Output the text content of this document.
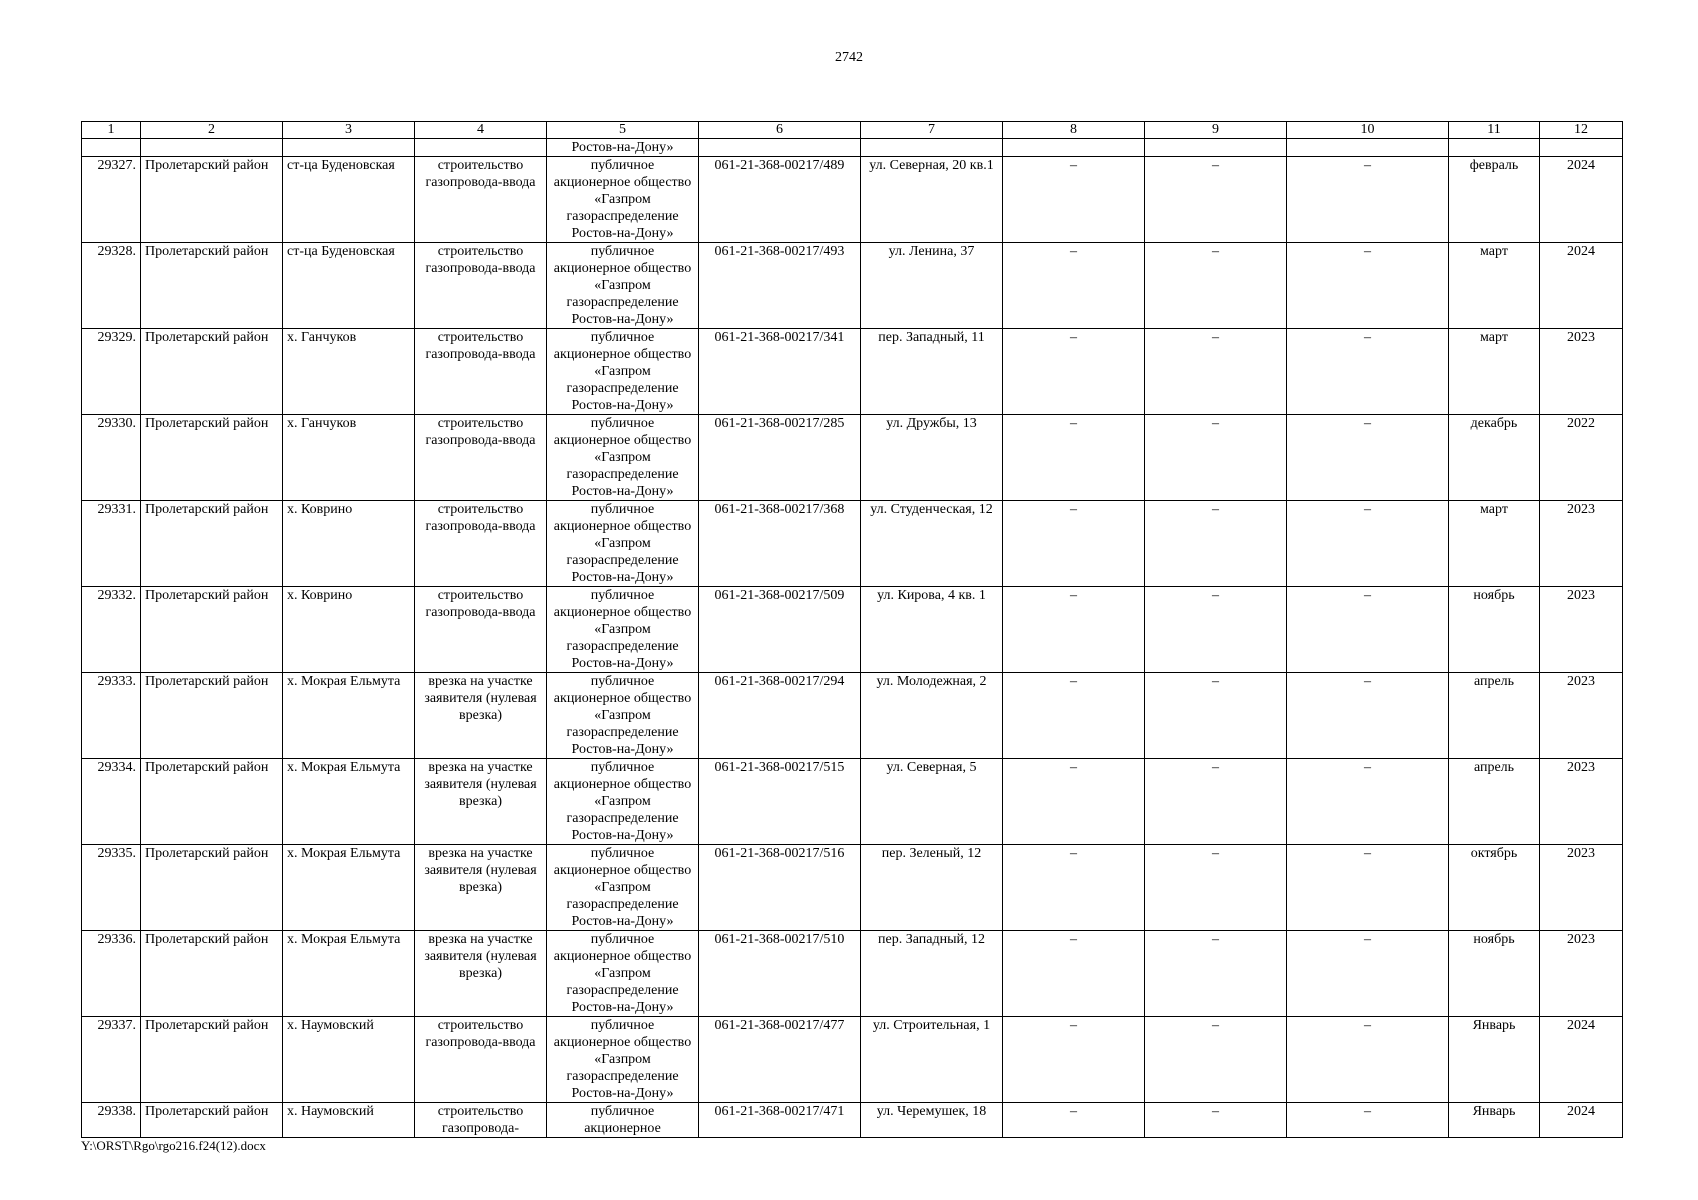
2742
1	2	3	4	5	6	7	8	9	10	11	12
				Ростов-на-Дону»							
29327.	Пролетарский район	ст-ца Буденовская	строительство газопровода-ввода	публичное акционерное общество «Газпром газораспределение Ростов-на-Дону»	061-21-368-00217/489	ул. Северная, 20 кв.1	–	–	–	февраль	2024
29328.	Пролетарский район	ст-ца Буденовская	строительство газопровода-ввода	публичное акционерное общество «Газпром газораспределение Ростов-на-Дону»	061-21-368-00217/493	ул. Ленина, 37	–	–	–	март	2024
29329.	Пролетарский район	х. Ганчуков	строительство газопровода-ввода	публичное акционерное общество «Газпром газораспределение Ростов-на-Дону»	061-21-368-00217/341	пер. Западный, 11	–	–	–	март	2023
29330.	Пролетарский район	х. Ганчуков	строительство газопровода-ввода	публичное акционерное общество «Газпром газораспределение Ростов-на-Дону»	061-21-368-00217/285	ул. Дружбы, 13	–	–	–	декабрь	2022
29331.	Пролетарский район	х. Коврино	строительство газопровода-ввода	публичное акционерное общество «Газпром газораспределение Ростов-на-Дону»	061-21-368-00217/368	ул. Студенческая, 12	–	–	–	март	2023
29332.	Пролетарский район	х. Коврино	строительство газопровода-ввода	публичное акционерное общество «Газпром газораспределение Ростов-на-Дону»	061-21-368-00217/509	ул. Кирова, 4 кв. 1	–	–	–	ноябрь	2023
29333.	Пролетарский район	х. Мокрая Ельмута	врезка на участке заявителя (нулевая врезка)	публичное акционерное общество «Газпром газораспределение Ростов-на-Дону»	061-21-368-00217/294	ул. Молодежная, 2	–	–	–	апрель	2023
29334.	Пролетарский район	х. Мокрая Ельмута	врезка на участке заявителя (нулевая врезка)	публичное акционерное общество «Газпром газораспределение Ростов-на-Дону»	061-21-368-00217/515	ул. Северная, 5	–	–	–	апрель	2023
29335.	Пролетарский район	х. Мокрая Ельмута	врезка на участке заявителя (нулевая врезка)	публичное акционерное общество «Газпром газораспределение Ростов-на-Дону»	061-21-368-00217/516	пер. Зеленый, 12	–	–	–	октябрь	2023
29336.	Пролетарский район	х. Мокрая Ельмута	врезка на участке заявителя (нулевая врезка)	публичное акционерное общество «Газпром газораспределение Ростов-на-Дону»	061-21-368-00217/510	пер. Западный, 12	–	–	–	ноябрь	2023
29337.	Пролетарский район	х. Наумовский	строительство газопровода-ввода	публичное акционерное общество «Газпром газораспределение Ростов-на-Дону»	061-21-368-00217/477	ул. Строительная, 1	–	–	–	Январь	2024
29338.	Пролетарский район	х. Наумовский	строительство газопровода-	публичное акционерное	061-21-368-00217/471	ул. Черемушек, 18	–	–	–	Январь	2024
Y:\ORST\Rgo\rgo216.f24(12).docx
